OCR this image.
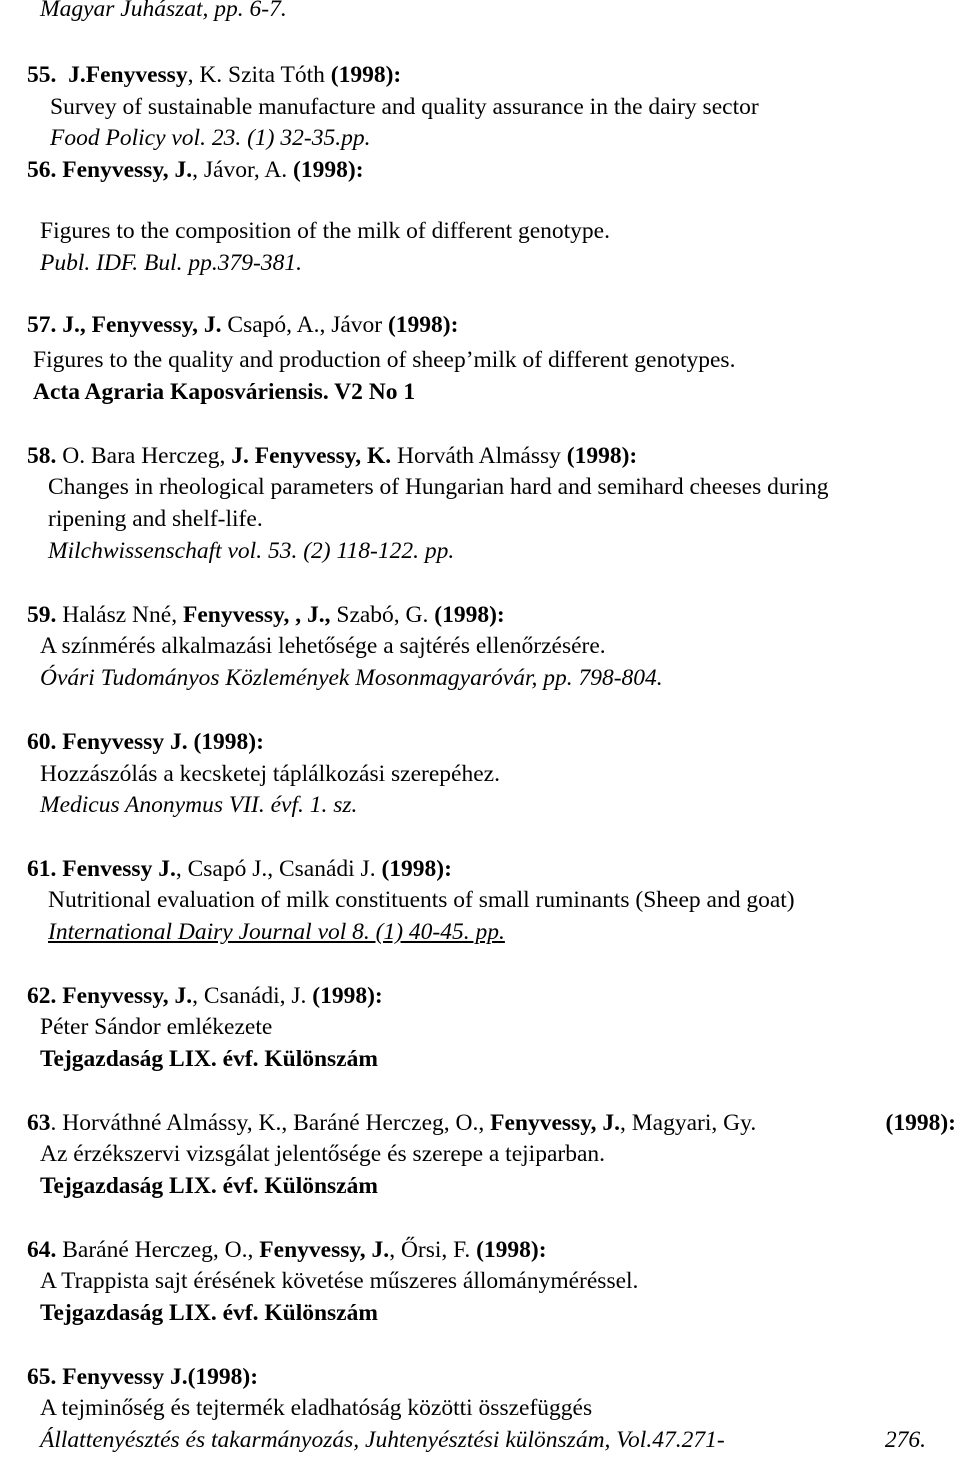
Magyar Juhászat, pp. 6-7.
55. J.Fenyvessy, K. Szita Tóth (1998):
Survey of sustainable manufacture and quality assurance in the dairy sector
Food Policy vol. 23. (1) 32-35.pp.
56. Fenyvessy, J., Jávor, A. (1998):
Figures to the composition of the milk of different genotype.
Publ. IDF. Bul. pp.379-381.
57. J., Fenyvessy, J. Csapó, A., Jávor (1998):
Figures to the quality and production of sheep’milk of different genotypes.
Acta Agraria Kaposváriensis. V2 No 1
58. O. Bara Herczeg, J. Fenyvessy, K. Horváth Almássy (1998):
Changes in rheological parameters of Hungarian hard and semihard cheeses during
ripening and shelf-life.
Milchwissenschaft vol. 53. (2) 118-122. pp.
59. Halász Nné, Fenyvessy, , J., Szabó, G. (1998):
A színmérés alkalmazási lehetősége a sajtérés ellenőrzésére.
Óvári Tudományos Közlemények Mosonmagyaróvár, pp. 798-804.
60. Fenyvessy J. (1998):
Hozzászólás a kecsketej táplálkozási szerepéhez.
Medicus Anonymus VII. évf. 1. sz.
61. Fenvessy J., Csapó J., Csanádi J. (1998):
Nutritional evaluation of milk constituents of small ruminants (Sheep and goat)
International Dairy Journal vol 8. (1) 40-45. pp.
62. Fenyvessy, J., Csanádi, J. (1998):
Péter Sándor emlékezete
Tejgazdaság LIX. évf. Különszám
63. Horváthné Almássy, K., Baráné Herczeg, O., Fenyvessy, J., Magyari, Gy.	(1998):
Az érzékszervi vizsgálat jelentősége és szerepe a tejiparban.
Tejgazdaság LIX. évf. Különszám
64. Baráné Herczeg, O., Fenyvessy, J., Őrsi, F. (1998):
A Trappista sajt érésének követése műszeres állományméréssel.
Tejgazdaság LIX. évf. Különszám
65. Fenyvessy J.(1998):
A tejminőség és tejtermék eladhatóság közötti összefüggés
Állattenyésztés és takarmányozás, Juhtenyésztési különszám, Vol.47.271-	276.
